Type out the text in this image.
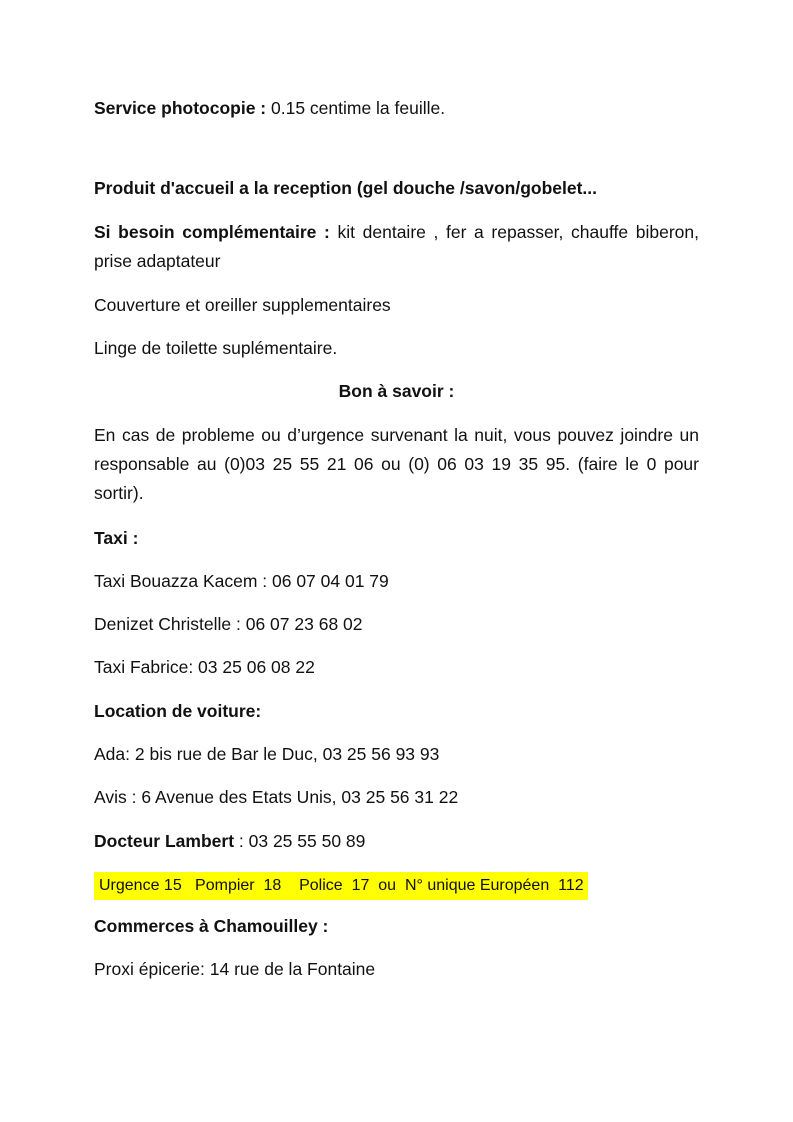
Service photocopie : 0.15 centime la feuille.
Produit d'accueil a la reception (gel douche /savon/gobelet...
Si besoin complémentaire : kit dentaire , fer a repasser, chauffe biberon, prise adaptateur
Couverture et oreiller supplementaires
Linge de toilette suplémentaire.
Bon à savoir :
En cas de probleme ou d’urgence survenant la nuit, vous pouvez joindre un responsable au (0)03 25 55 21 06 ou (0) 06 03 19 35 95. (faire le 0 pour sortir).
Taxi :
Taxi Bouazza Kacem : 06 07 04 01 79
Denizet Christelle : 06 07 23 68 02
Taxi Fabrice: 03 25 06 08 22
Location de voiture:
Ada: 2 bis rue de Bar le Duc, 03 25 56 93 93
Avis : 6 Avenue des Etats Unis, 03 25 56 31 22
Docteur Lambert : 03 25 55 50 89
Urgence 15   Pompier  18    Police  17  ou  N° unique Européen  112
Commerces à Chamouilley :
Proxi épicerie: 14 rue de la Fontaine
